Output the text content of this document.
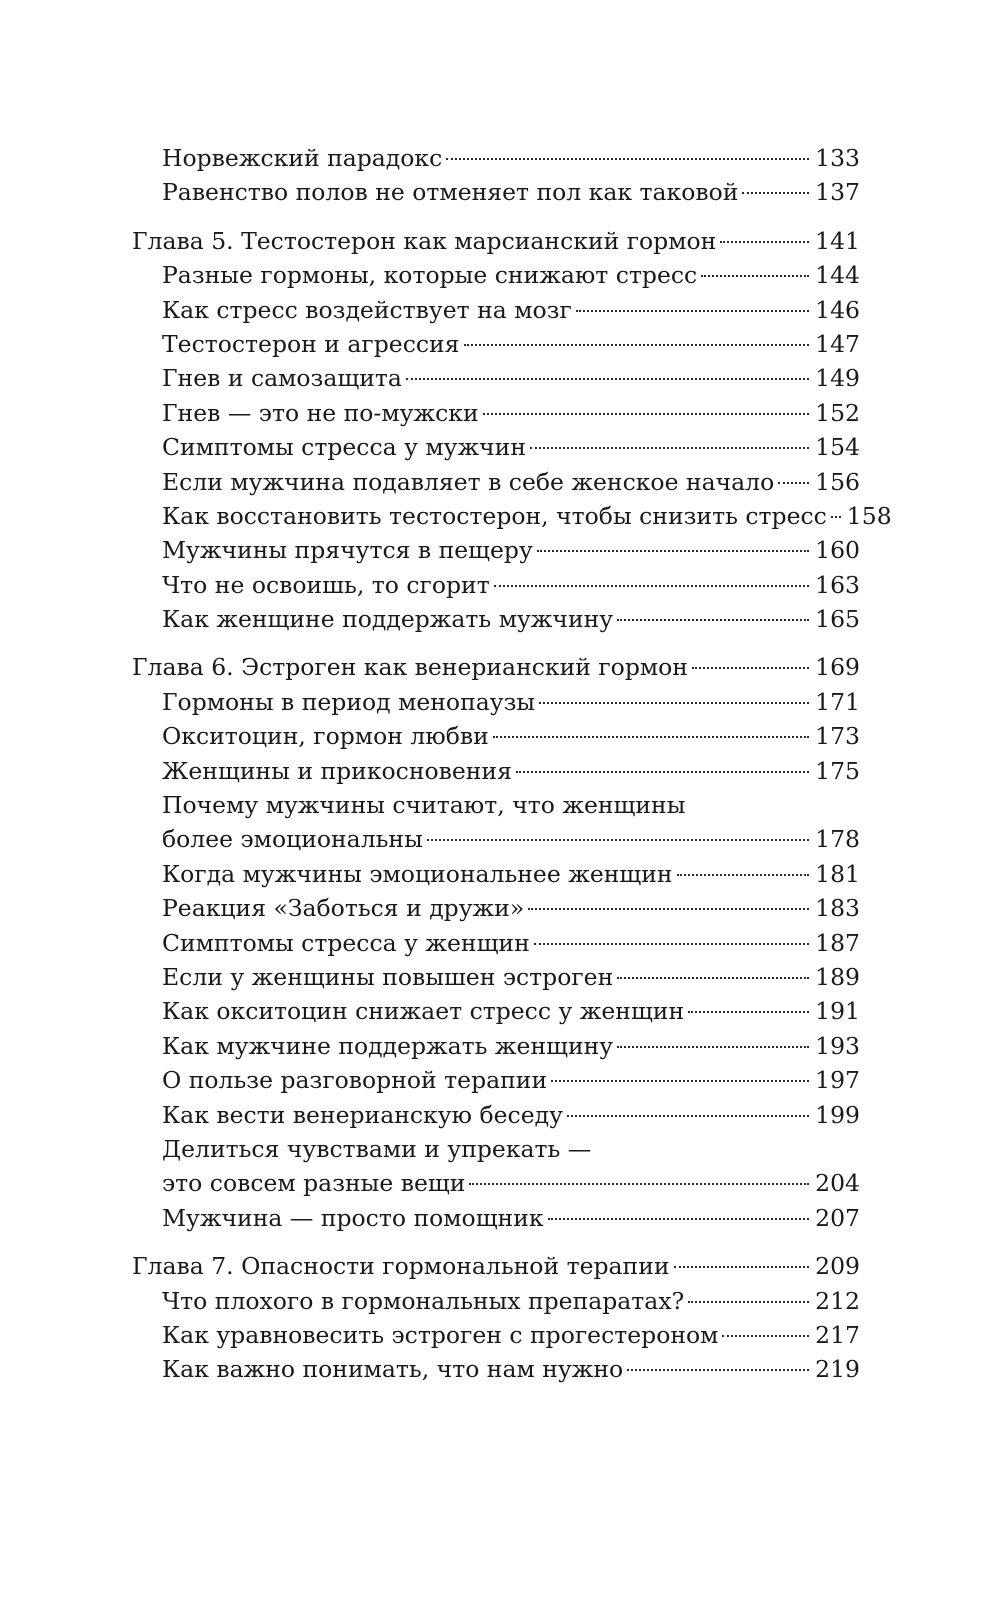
Норвежский парадокс	133
Равенство полов не отменяет пол как таковой	137
Глава 5. Тестостерон как марсианский гормон	141
Разные гормоны, которые снижают стресс	144
Как стресс воздействует на мозг	146
Тестостерон и агрессия	147
Гнев и самозащита	149
Гнев — это не по-мужски	152
Симптомы стресса у мужчин	154
Если мужчина подавляет в себе женское начало 156
Как восстановить тестостерон, чтобы снизить стресс 158
Мужчины прячутся в пещеру	160
Что не освоишь, то сгорит	163
Как женщине поддержать мужчину	165
Глава 6. Эстроген как венерианский гормон	169
Гормоны в период менопаузы	171
Окситоцин, гормон любви	173
Женщины и прикосновения	175
Почему мужчины считают, что женщины
более эмоциональны	178
Когда мужчины эмоциональнее женщин	181
Реакция «Заботься и дружи»	183
Симптомы стресса у женщин	187
Если у женщины повышен эстроген	189
Как окситоцин снижает стресс у женщин	191
Как мужчине поддержать женщину	193
О пользе разговорной терапии	197
Как вести венерианскую беседу	199
Делиться чувствами и упрекать —
это совсем разные вещи	204
Мужчина — просто помощник	207
Глава 7. Опасности гормональной терапии	209
Что плохого в гормональных препаратах?	212
Как уравновесить эстроген с прогестероном	217
Как важно понимать, что нам нужно	219
